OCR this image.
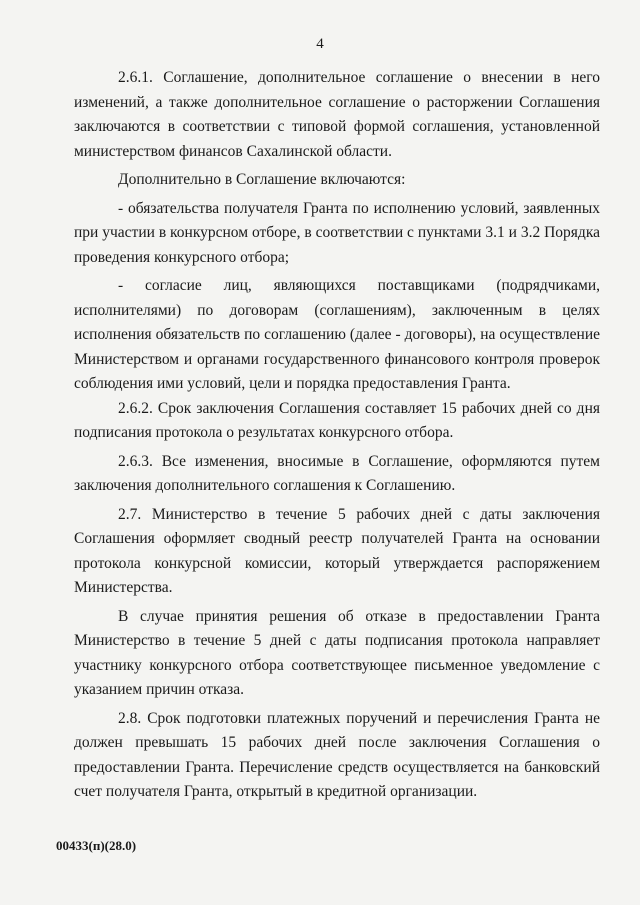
4

2.6.1. Соглашение, дополнительное соглашение о внесении в него изменений, а также дополнительное соглашение о расторжении Соглашения заключаются в соответствии с типовой формой соглашения, установленной министерством финансов Сахалинской области.

Дополнительно в Соглашение включаются:

- обязательства получателя Гранта по исполнению условий, заявленных при участии в конкурсном отборе, в соответствии с пунктами 3.1 и 3.2 Порядка проведения конкурсного отбора;

- согласие лиц, являющихся поставщиками (подрядчиками, исполнителями) по договорам (соглашениям), заключенным в целях исполнения обязательств по соглашению (далее - договоры), на осуществление Министерством и органами государственного финансового контроля проверок соблюдения ими условий, цели и порядка предоставления Гранта.

2.6.2. Срок заключения Соглашения составляет 15 рабочих дней со дня подписания протокола о результатах конкурсного отбора.

2.6.3. Все изменения, вносимые в Соглашение, оформляются путем заключения дополнительного соглашения к Соглашению.

2.7. Министерство в течение 5 рабочих дней с даты заключения Соглашения оформляет сводный реестр получателей Гранта на основании протокола конкурсной комиссии, который утверждается распоряжением Министерства.

В случае принятия решения об отказе в предоставлении Гранта Министерство в течение 5 дней с даты подписания протокола направляет участнику конкурсного отбора соответствующее письменное уведомление с указанием причин отказа.

2.8. Срок подготовки платежных поручений и перечисления Гранта не должен превышать 15 рабочих дней после заключения Соглашения о предоставлении Гранта. Перечисление средств осуществляется на банковский счет получателя Гранта, открытый в кредитной организации.

00433(п)(28.0)
